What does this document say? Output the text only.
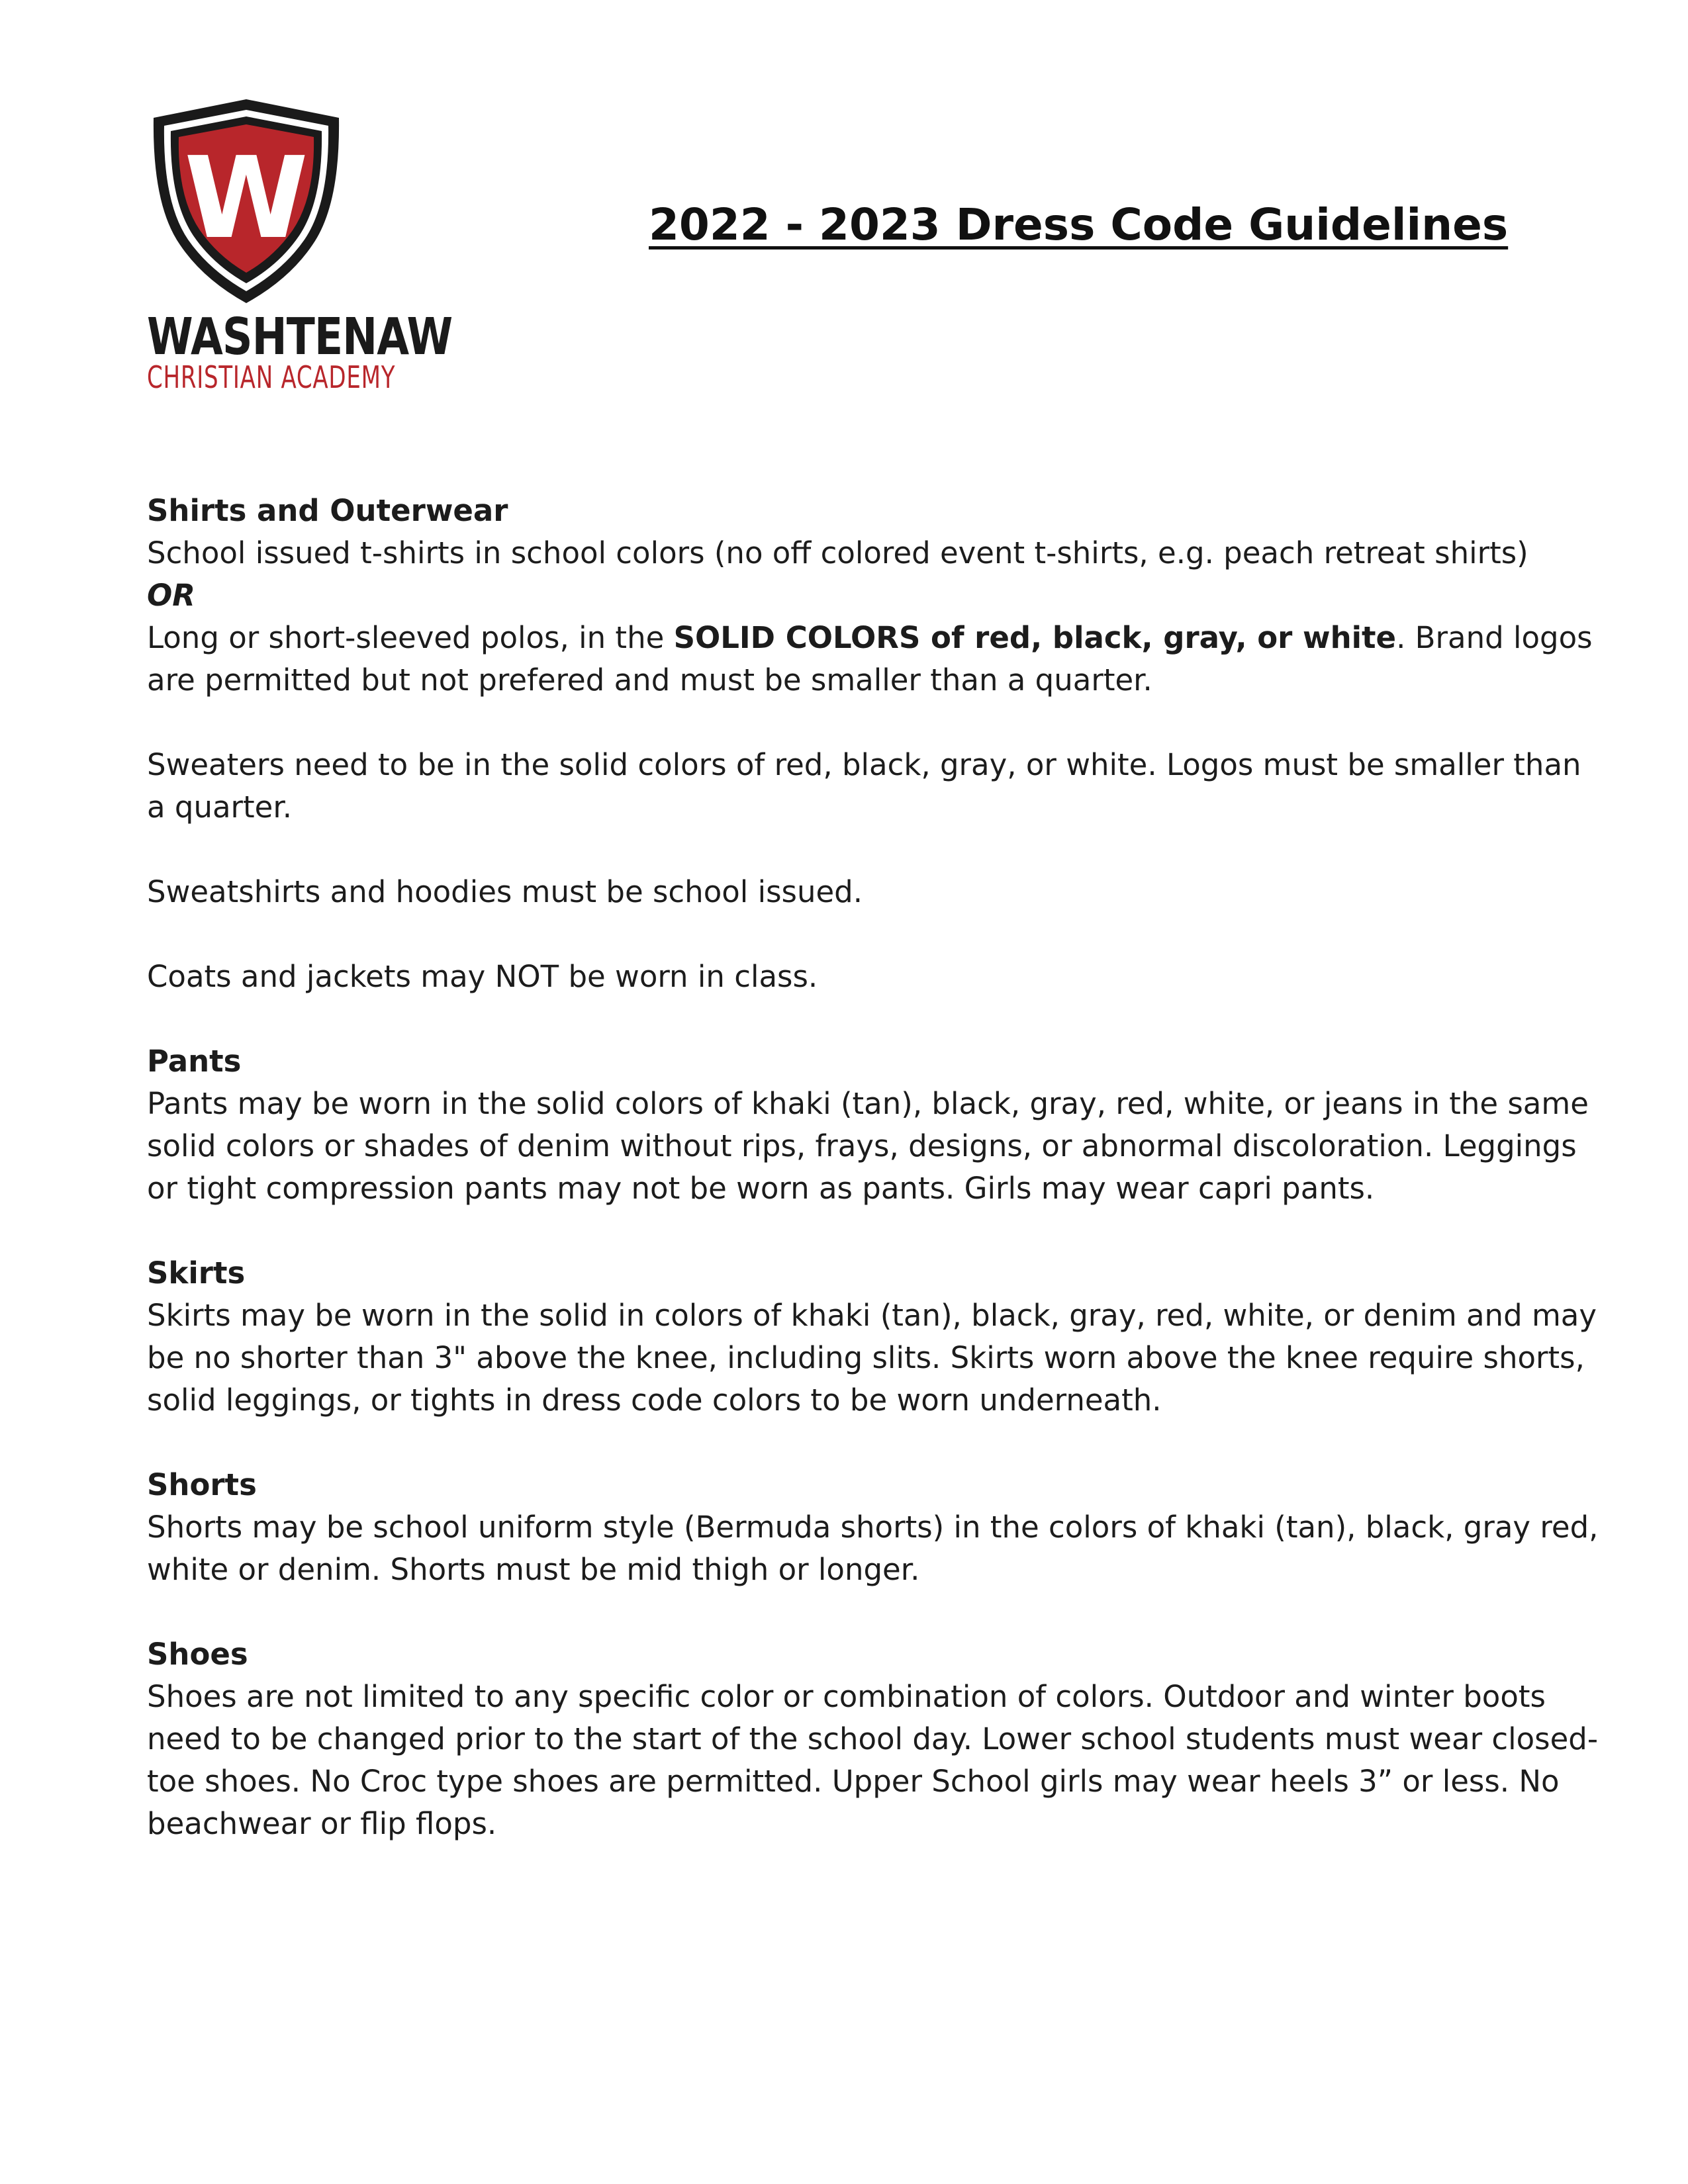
W
WASHTENAW
CHRISTIAN ACADEMY
2022 - 2023 Dress Code Guidelines
Shirts and Outerwear

School issued t-shirts in school colors (no off colored event t-shirts, e.g. peach retreat shirts)

OR

Long or short-sleeved polos, in the SOLID COLORS of red, black, gray, or white. Brand logos are permitted but not prefered and must be smaller than a quarter.

Sweaters need to be in the solid colors of red, black, gray, or white. Logos must be smaller than a quarter.

Sweatshirts and hoodies must be school issued.

Coats and jackets may NOT be worn in class.

Pants

Pants may be worn in the solid colors of khaki (tan), black, gray, red, white, or jeans in the same solid colors or shades of denim without rips, frays, designs, or abnormal discoloration. Leggings or tight compression pants may not be worn as pants. Girls may wear capri pants.

Skirts

Skirts may be worn in the solid in colors of khaki (tan), black, gray, red, white, or denim and may be no shorter than 3" above the knee, including slits. Skirts worn above the knee require shorts, solid leggings, or tights in dress code colors to be worn underneath.

Shorts

Shorts may be school uniform style (Bermuda shorts) in the colors of khaki (tan), black, gray red, white or denim. Shorts must be mid thigh or longer.

Shoes

Shoes are not limited to any specific color or combination of colors. Outdoor and winter boots need to be changed prior to the start of the school day. Lower school students must wear closed-toe shoes. No Croc type shoes are permitted. Upper School girls may wear heels 3” or less. No beachwear or flip flops.
